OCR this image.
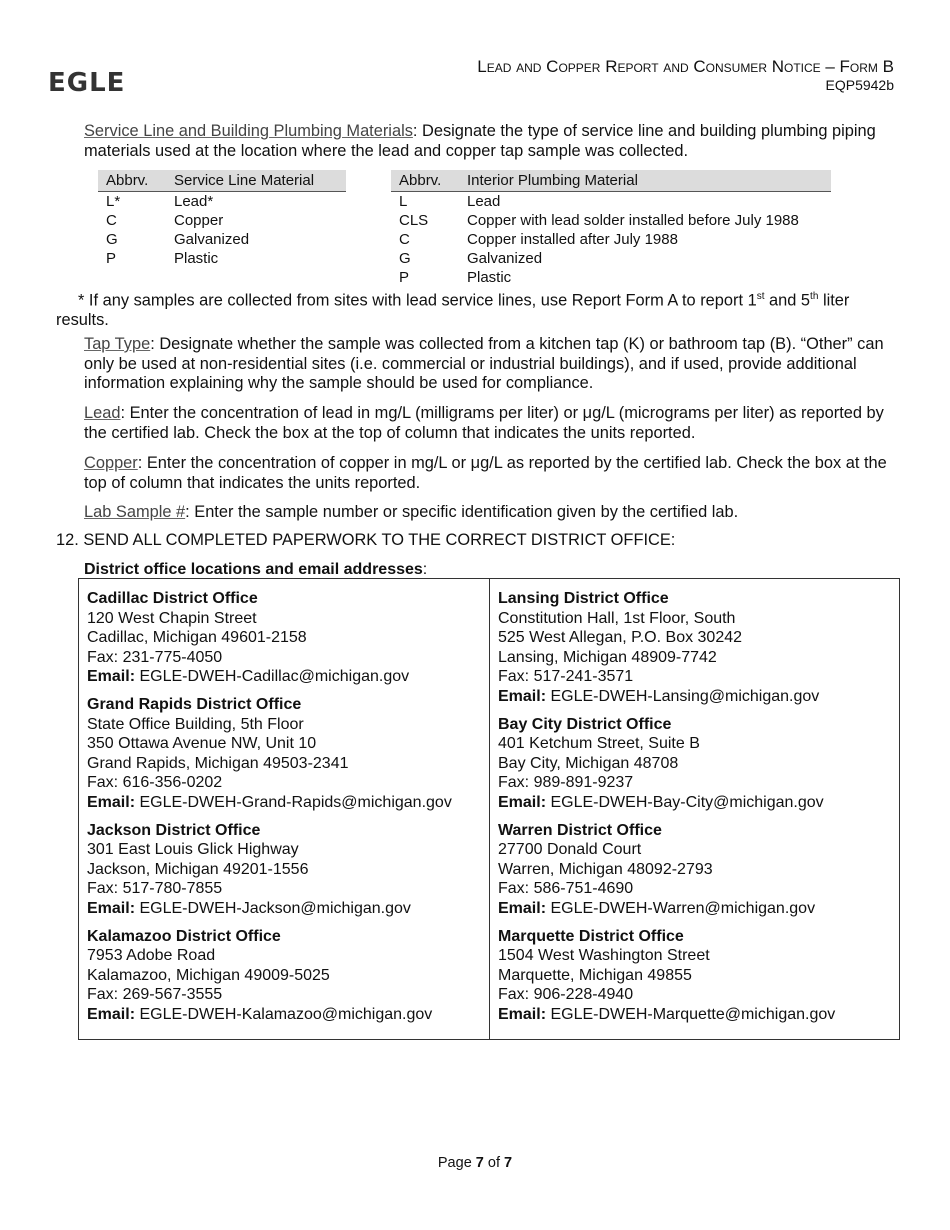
EGLE
Lead and Copper Report and Consumer Notice – Form B
EQP5942b
Service Line and Building Plumbing Materials: Designate the type of service line and building plumbing piping materials used at the location where the lead and copper tap sample was collected.
Abbrv.	Service Line Material
L*	Lead*
C	Copper
G	Galvanized
P	Plastic
Abbrv.	Interior Plumbing Material
L	Lead
CLS	Copper with lead solder installed before July 1988
C	Copper installed after July 1988
G	Galvanized
P	Plastic
* If any samples are collected from sites with lead service lines, use Report Form A to report 1st and 5th liter results.
Tap Type: Designate whether the sample was collected from a kitchen tap (K) or bathroom tap (B). “Other” can only be used at non-residential sites (i.e. commercial or industrial buildings), and if used, provide additional information explaining why the sample should be used for compliance.
Lead: Enter the concentration of lead in mg/L (milligrams per liter) or μg/L (micrograms per liter) as reported by the certified lab. Check the box at the top of column that indicates the units reported.
Copper: Enter the concentration of copper in mg/L or μg/L as reported by the certified lab. Check the box at the top of column that indicates the units reported.
Lab Sample #: Enter the sample number or specific identification given by the certified lab.
12. SEND ALL COMPLETED PAPERWORK TO THE CORRECT DISTRICT OFFICE:
District office locations and email addresses:
Cadillac District Office
120 West Chapin Street
Cadillac, Michigan 49601-2158
Fax: 231-775-4050
Email: EGLE-DWEH-Cadillac@michigan.gov
Grand Rapids District Office
State Office Building, 5th Floor
350 Ottawa Avenue NW, Unit 10
Grand Rapids, Michigan 49503-2341
Fax: 616-356-0202
Email: EGLE-DWEH-Grand-Rapids@michigan.gov
Jackson District Office
301 East Louis Glick Highway
Jackson, Michigan 49201-1556
Fax: 517-780-7855
Email: EGLE-DWEH-Jackson@michigan.gov
Kalamazoo District Office
7953 Adobe Road
Kalamazoo, Michigan 49009-5025
Fax: 269-567-3555
Email: EGLE-DWEH-Kalamazoo@michigan.gov
Lansing District Office
Constitution Hall, 1st Floor, South
525 West Allegan, P.O. Box 30242
Lansing, Michigan 48909-7742
Fax: 517-241-3571
Email: EGLE-DWEH-Lansing@michigan.gov
Bay City District Office
401 Ketchum Street, Suite B
Bay City, Michigan 48708
Fax: 989-891-9237
Email: EGLE-DWEH-Bay-City@michigan.gov
Warren District Office
27700 Donald Court
Warren, Michigan 48092-2793
Fax: 586-751-4690
Email: EGLE-DWEH-Warren@michigan.gov
Marquette District Office
1504 West Washington Street
Marquette, Michigan 49855
Fax: 906-228-4940
Email: EGLE-DWEH-Marquette@michigan.gov
Page 7 of 7
